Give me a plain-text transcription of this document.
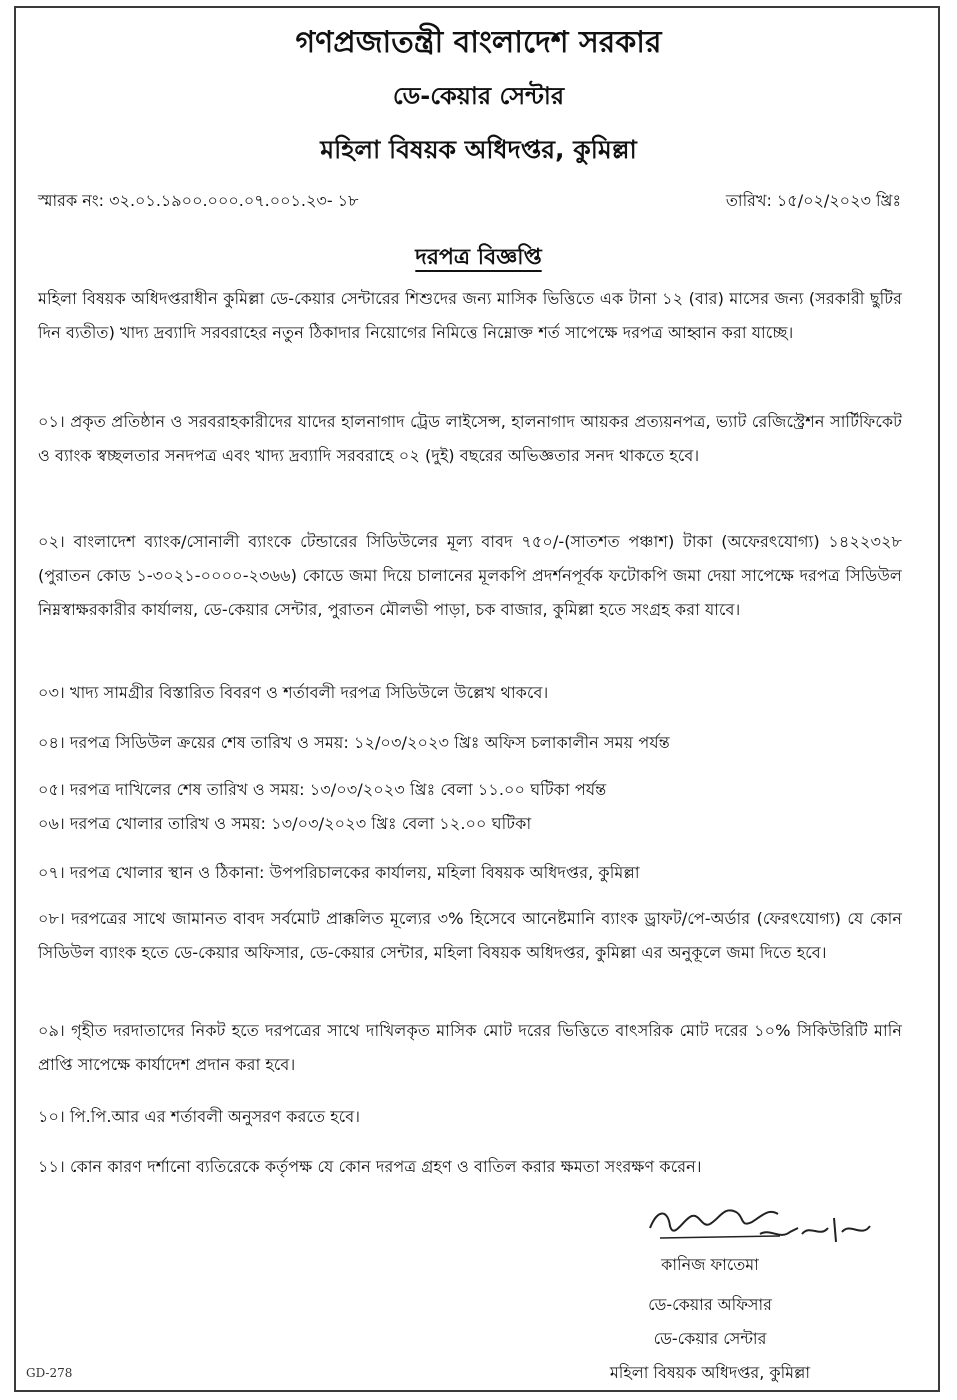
গণপ্রজাতন্ত্রী বাংলাদেশ সরকার
ডে-কেয়ার সেন্টার
মহিলা বিষয়ক অধিদপ্তর, কুমিল্লা
স্মারক নং: ৩২.০১.১৯০০.০০০.০৭.০০১.২৩- ১৮	তারিখ: ১৫/০২/২০২৩ খ্রিঃ
দরপত্র বিজ্ঞপ্তি

মহিলা বিষয়ক অধিদপ্তরাধীন কুমিল্লা ডে-কেয়ার সেন্টারের শিশুদের জন্য মাসিক ভিত্তিতে এক টানা ১২ (বার) মাসের জন্য (সরকারী ছুটির দিন ব্যতীত) খাদ্য দ্রব্যাদি সরবরাহের নতুন ঠিকাদার নিয়োগের নিমিত্তে নিম্নোক্ত শর্ত সাপেক্ষে দরপত্র আহ্বান করা যাচ্ছে।

০১। প্রকৃত প্রতিষ্ঠান ও সরবরাহকারীদের যাদের হালনাগাদ ট্রেড লাইসেন্স, হালনাগাদ আয়কর প্রত্যয়নপত্র, ভ্যাট রেজিস্ট্রেশন সার্টিফিকেট ও ব্যাংক স্বচ্ছলতার সনদপত্র এবং খাদ্য দ্রব্যাদি সরবরাহে ০২ (দুই) বছরের অভিজ্ঞতার সনদ থাকতে হবে।

০২। বাংলাদেশ ব্যাংক/সোনালী ব্যাংকে টেন্ডারের সিডিউলের মূল্য বাবদ ৭৫০/-(সাতশত পঞ্চাশ) টাকা (অফেরৎযোগ্য) ১৪২২৩২৮ (পুরাতন কোড ১-৩০২১-০০০০-২৩৬৬) কোডে জমা দিয়ে চালানের মূলকপি প্রদর্শনপূর্বক ফটোকপি জমা দেয়া সাপেক্ষে দরপত্র সিডিউল নিম্নস্বাক্ষরকারীর কার্যালয়, ডে-কেয়ার সেন্টার, পুরাতন মৌলভী পাড়া, চক বাজার, কুমিল্লা হতে সংগ্রহ করা যাবে।

০৩। খাদ্য সামগ্রীর বিস্তারিত বিবরণ ও শর্তাবলী দরপত্র সিডিউলে উল্লেখ থাকবে।

০৪। দরপত্র সিডিউল ক্রয়ের শেষ তারিখ ও সময়: ১২/০৩/২০২৩ খ্রিঃ অফিস চলাকালীন সময় পর্যন্ত

০৫। দরপত্র দাখিলের শেষ তারিখ ও সময়: ১৩/০৩/২০২৩ খ্রিঃ বেলা ১১.০০ ঘটিকা পর্যন্ত

০৬। দরপত্র খোলার তারিখ ও সময়: ১৩/০৩/২০২৩ খ্রিঃ বেলা ১২.০০ ঘটিকা

০৭। দরপত্র খোলার স্থান ও ঠিকানা: উপপরিচালকের কার্যালয়, মহিলা বিষয়ক অধিদপ্তর, কুমিল্লা

০৮। দরপত্রের সাথে জামানত বাবদ সর্বমোট প্রাক্কলিত মূল্যের ৩% হিসেবে আনেষ্টমানি ব্যাংক ড্রাফট/পে-অর্ডার (ফেরৎযোগ্য) যে কোন সিডিউল ব্যাংক হতে ডে-কেয়ার অফিসার, ডে-কেয়ার সেন্টার, মহিলা বিষয়ক অধিদপ্তর, কুমিল্লা এর অনুকূলে জমা দিতে হবে।

০৯। গৃহীত দরদাতাদের নিকট হতে দরপত্রের সাথে দাখিলকৃত মাসিক মোট দরের ভিত্তিতে বাৎসরিক মোট দরের ১০% সিকিউরিটি মানি প্রাপ্তি সাপেক্ষে কার্যাদেশ প্রদান করা হবে।

১০। পি.পি.আর এর শর্তাবলী অনুসরণ করতে হবে।

১১। কোন কারণ দর্শানো ব্যতিরেকে কর্তৃপক্ষ যে কোন দরপত্র গ্রহণ ও বাতিল করার ক্ষমতা সংরক্ষণ করেন।

কানিজ ফাতেমা
ডে-কেয়ার অফিসার
ডে-কেয়ার সেন্টার
মহিলা বিষয়ক অধিদপ্তর, কুমিল্লা
GD-278
